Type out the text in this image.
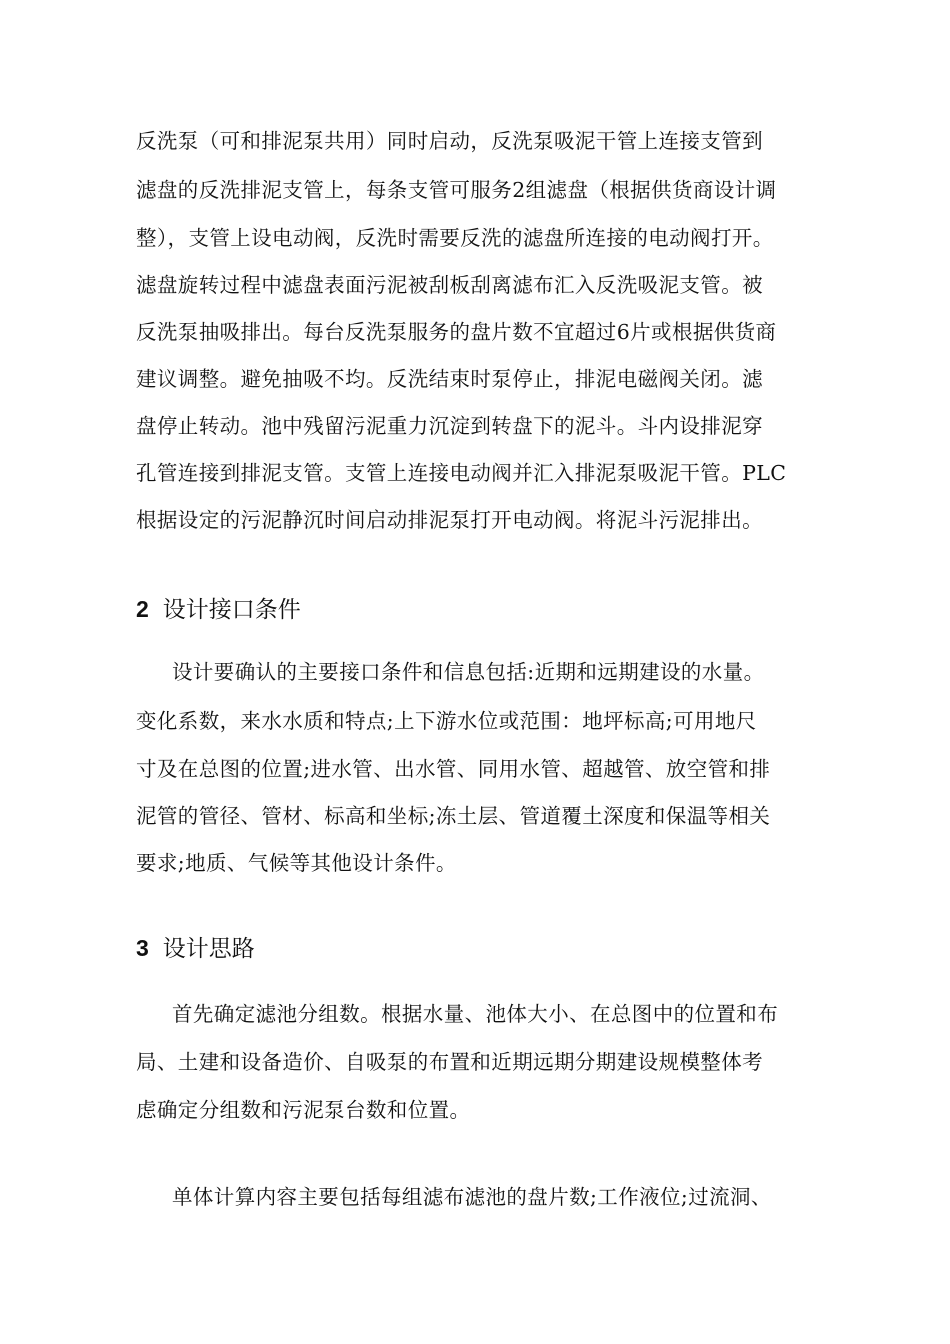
反洗泵（可和排泥泵共用）同时启动，反洗泵吸泥干管上连接支管到
滤盘的反洗排泥支管上，每条支管可服务2组滤盘（根据供货商设计调
整），支管上设电动阀，反洗时需要反洗的滤盘所连接的电动阀打开。
滤盘旋转过程中滤盘表面污泥被刮板刮离滤布汇入反洗吸泥支管。被
反洗泵抽吸排出。每台反洗泵服务的盘片数不宜超过6片或根据供货商
建议调整。避免抽吸不均。反洗结束时泵停止，排泥电磁阀关闭。滤
盘停止转动。池中残留污泥重力沉淀到转盘下的泥斗。斗内设排泥穿
孔管连接到排泥支管。支管上连接电动阀并汇入排泥泵吸泥干管。PLC
根据设定的污泥静沉时间启动排泥泵打开电动阀。将泥斗污泥排出。

2 设计接口条件

设计要确认的主要接口条件和信息包括:近期和远期建设的水量。
变化系数，来水水质和特点;上下游水位或范围：地坪标高;可用地尺
寸及在总图的位置;进水管、出水管、同用水管、超越管、放空管和排
泥管的管径、管材、标高和坐标;冻土层、管道覆土深度和保温等相关
要求;地质、气候等其他设计条件。

3 设计思路

首先确定滤池分组数。根据水量、池体大小、在总图中的位置和布
局、土建和设备造价、自吸泵的布置和近期远期分期建设规模整体考
虑确定分组数和污泥泵台数和位置。

单体计算内容主要包括每组滤布滤池的盘片数;工作液位;过流洞、
